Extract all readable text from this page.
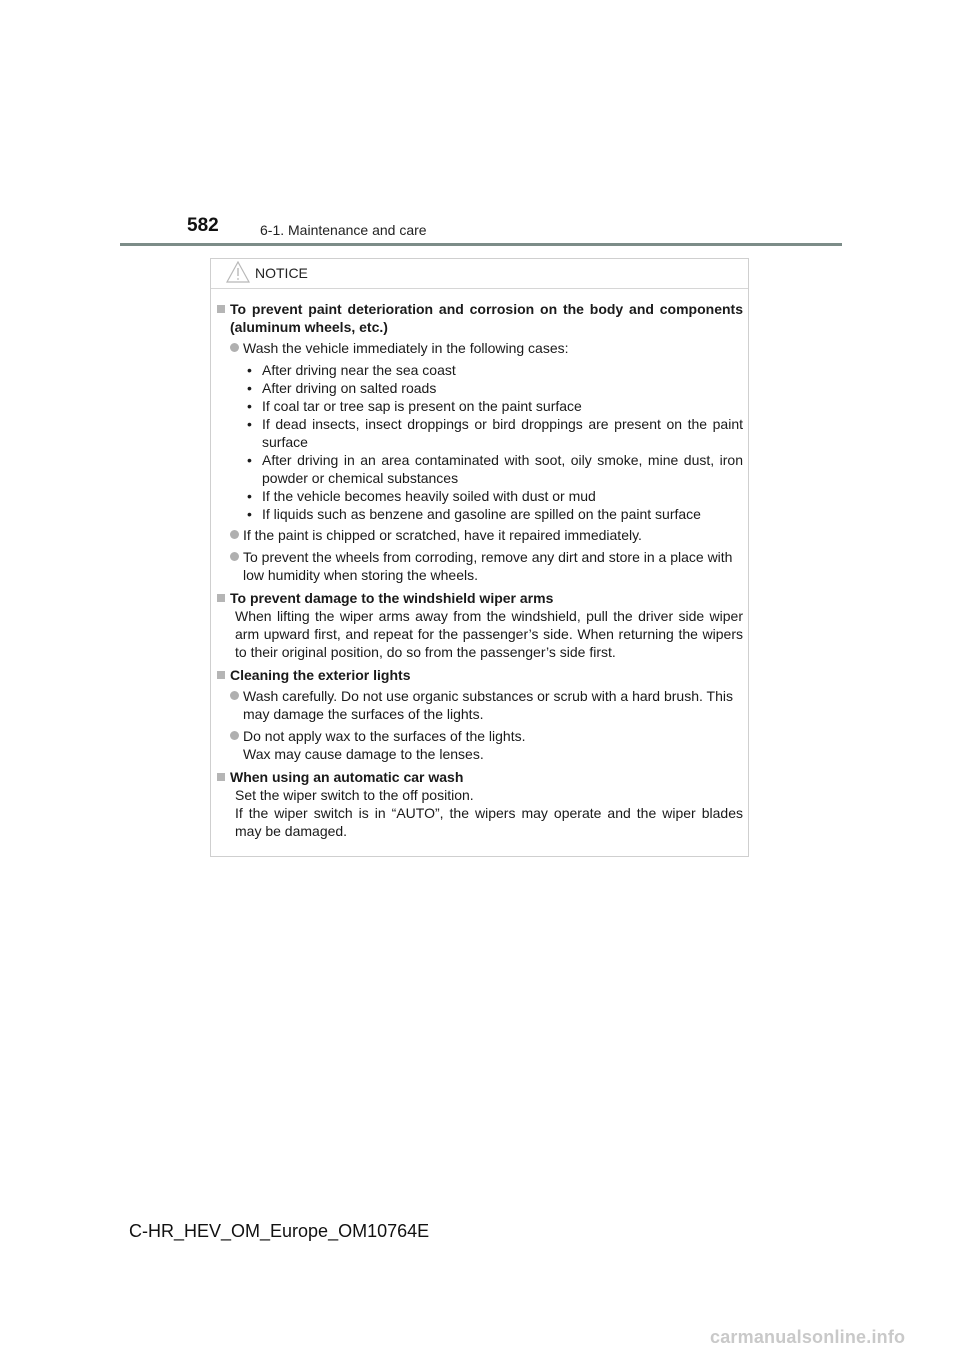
582	6-1. Maintenance and care
NOTICE
To prevent paint deterioration and corrosion on the body and components (aluminum wheels, etc.)
Wash the vehicle immediately in the following cases:
• After driving near the sea coast
• After driving on salted roads
• If coal tar or tree sap is present on the paint surface
• If dead insects, insect droppings or bird droppings are present on the paint surface
• After driving in an area contaminated with soot, oily smoke, mine dust, iron powder or chemical substances
• If the vehicle becomes heavily soiled with dust or mud
• If liquids such as benzene and gasoline are spilled on the paint surface
If the paint is chipped or scratched, have it repaired immediately.
To prevent the wheels from corroding, remove any dirt and store in a place with low humidity when storing the wheels.
To prevent damage to the windshield wiper arms
When lifting the wiper arms away from the windshield, pull the driver side wiper arm upward first, and repeat for the passenger’s side. When returning the wipers to their original position, do so from the passenger’s side first.
Cleaning the exterior lights
Wash carefully. Do not use organic substances or scrub with a hard brush. This may damage the surfaces of the lights.
Do not apply wax to the surfaces of the lights.
Wax may cause damage to the lenses.
When using an automatic car wash
Set the wiper switch to the off position.
If the wiper switch is in “AUTO”, the wipers may operate and the wiper blades may be damaged.
C-HR_HEV_OM_Europe_OM10764E
carmanualsonline.info
